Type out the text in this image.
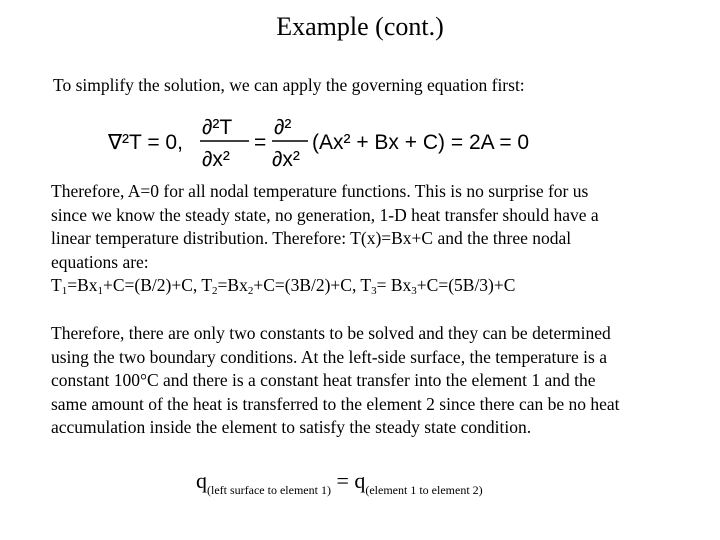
Example (cont.)
To simplify the solution, we can apply the governing equation first:
∇²T = 0,
∂²T
∂x²
=
∂²
∂x²
(Ax² + Bx + C) = 2A = 0
Therefore, A=0 for all nodal temperature functions. This is no surprise for us
since we know the steady state, no generation, 1-D heat transfer should have a
linear temperature distribution. Therefore: T(x)=Bx+C and the three nodal
equations are:
$T_1=Bx_1+C=(B/2)+C$, $T_2=Bx_2+C=(3B/2)+C$, $T_3= Bx_3+C=(5B/3)+C$
Therefore, there are only two constants to be solved and they can be determined
using the two boundary conditions. At the left-side surface, the temperature is a
constant 100°C and there is a constant heat transfer into the element 1 and the
same amount of the heat is transferred to the element 2 since there can be no heat
accumulation inside the element to satisfy the steady state condition.
$q_{(left surface to element 1)} = q_{(element 1 to element 2)}$
